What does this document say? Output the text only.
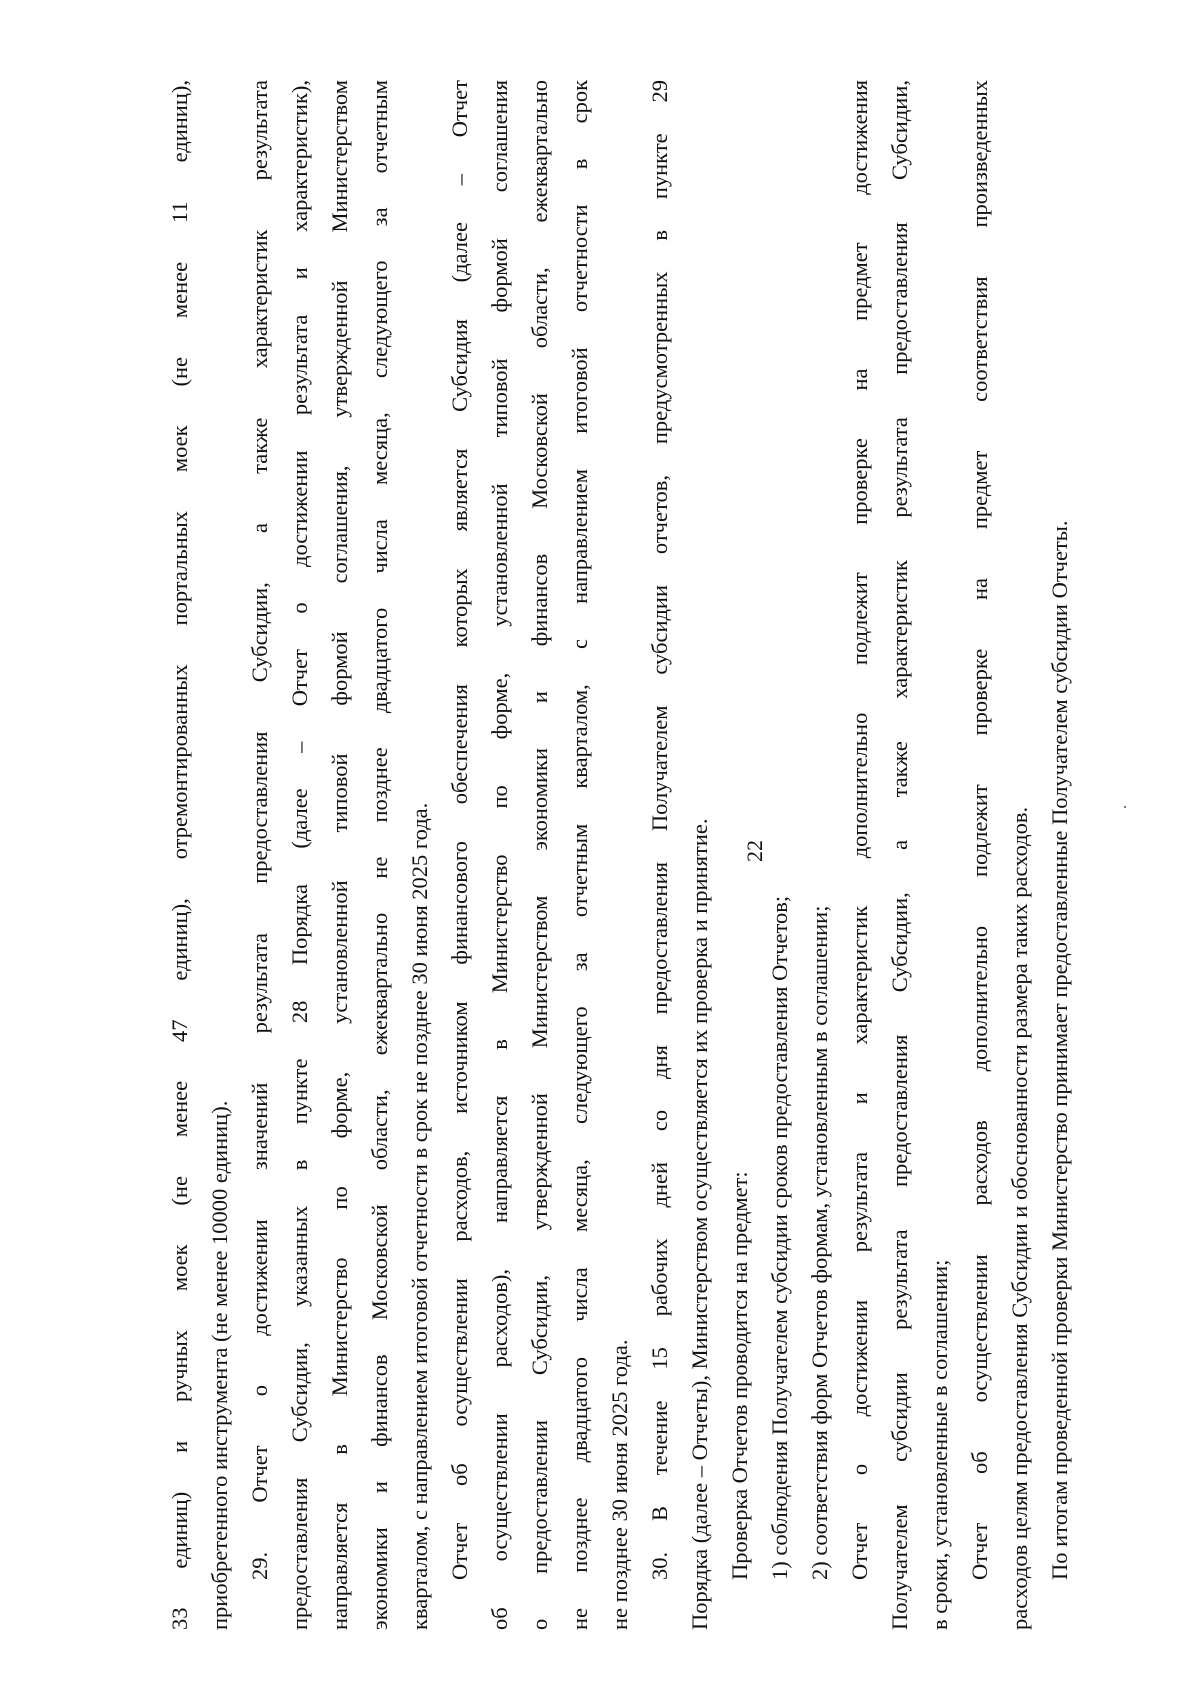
22
33 единиц) и ручных моек (не менее 47 единиц), отремонтированных портальных моек (не менее 11 единиц), приобретенного инструмента (не менее 10000 единиц). 29. Отчет о достижении значений результата предоставления Субсидии, а также характеристик результата предоставления Субсидии, указанных в пункте 28 Порядка (далее – Отчет о достижении результата и характеристик), направляется в Министерство по форме, установленной типовой формой соглашения, утвержденной Министерством экономики и финансов Московской области, ежеквартально не позднее двадцатого числа месяца, следующего за отчетным кварталом, с направлением итоговой отчетности в срок не позднее 30 июня 2025 года. Отчет об осуществлении расходов, источником финансового обеспечения которых является Субсидия (далее – Отчет об осуществлении расходов), направляется в Министерство по форме, установленной типовой формой соглашения о предоставлении Субсидии, утвержденной Министерством экономики и финансов Московской области, ежеквартально не позднее двадцатого числа месяца, следующего за отчетным кварталом, с направлением итоговой отчетности в срок не позднее 30 июня 2025 года. 30. В течение 15 рабочих дней со дня предоставления Получателем субсидии отчетов, предусмотренных в пункте 29 Порядка (далее – Отчеты), Министерством осуществляется их проверка и принятие. Проверка Отчетов проводится на предмет: 1) соблюдения Получателем субсидии сроков предоставления Отчетов; 2) соответствия форм Отчетов формам, установленным в соглашении; Отчет о достижении результата и характеристик дополнительно подлежит проверке на предмет достижения Получателем субсидии результата предоставления Субсидии, а также характеристик результата предоставления Субсидии, в сроки, установленные в соглашении; Отчет об осуществлении расходов дополнительно подлежит проверке на предмет соответствия произведенных расходов целям предоставления Субсидии и обоснованности размера таких расходов. По итогам проведенной проверки Министерство принимает предоставленные Получателем субсидии Отчеты.
